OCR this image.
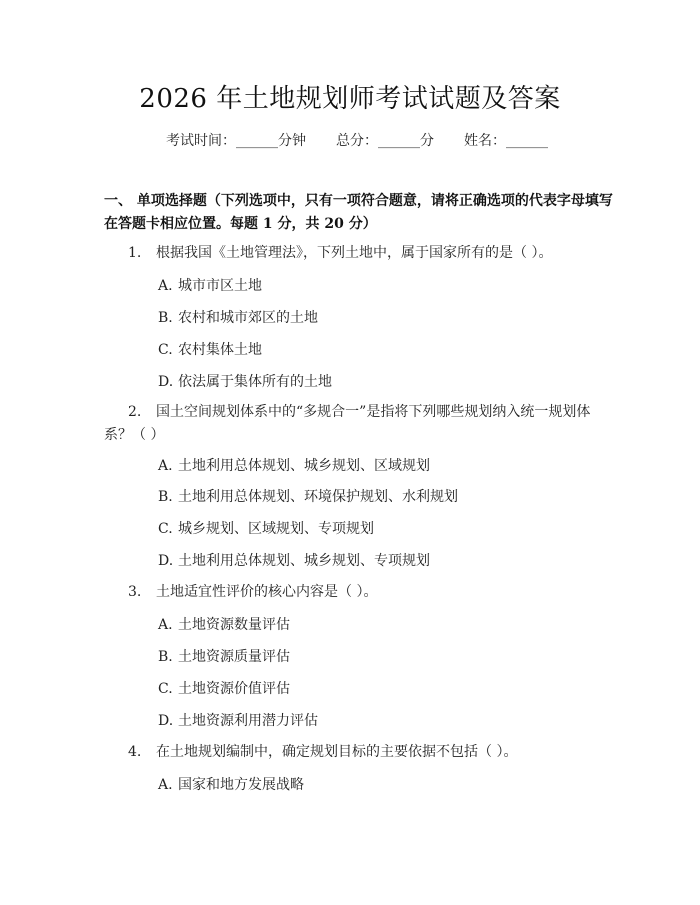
2026 年土地规划师考试试题及答案
考试时间：______分钟 总分：______分 姓名：______
一、 单项选择题（下列选项中，只有一项符合题意，请将正确选项的代表字母填写在答题卡相应位置。每题 1 分，共 20 分）
1. 根据我国《土地管理法》，下列土地中，属于国家所有的是（ ）。
A. 城市市区土地
B. 农村和城市郊区的土地
C. 农村集体土地
D. 依法属于集体所有的土地
2. 国土空间规划体系中的“多规合一”是指将下列哪些规划纳入统一规划体系？（ ）
A. 土地利用总体规划、城乡规划、区域规划
B. 土地利用总体规划、环境保护规划、水利规划
C. 城乡规划、区域规划、专项规划
D. 土地利用总体规划、城乡规划、专项规划
3. 土地适宜性评价的核心内容是（ ）。
A. 土地资源数量评估
B. 土地资源质量评估
C. 土地资源价值评估
D. 土地资源利用潜力评估
4. 在土地规划编制中，确定规划目标的主要依据不包括（ ）。
A. 国家和地方发展战略
